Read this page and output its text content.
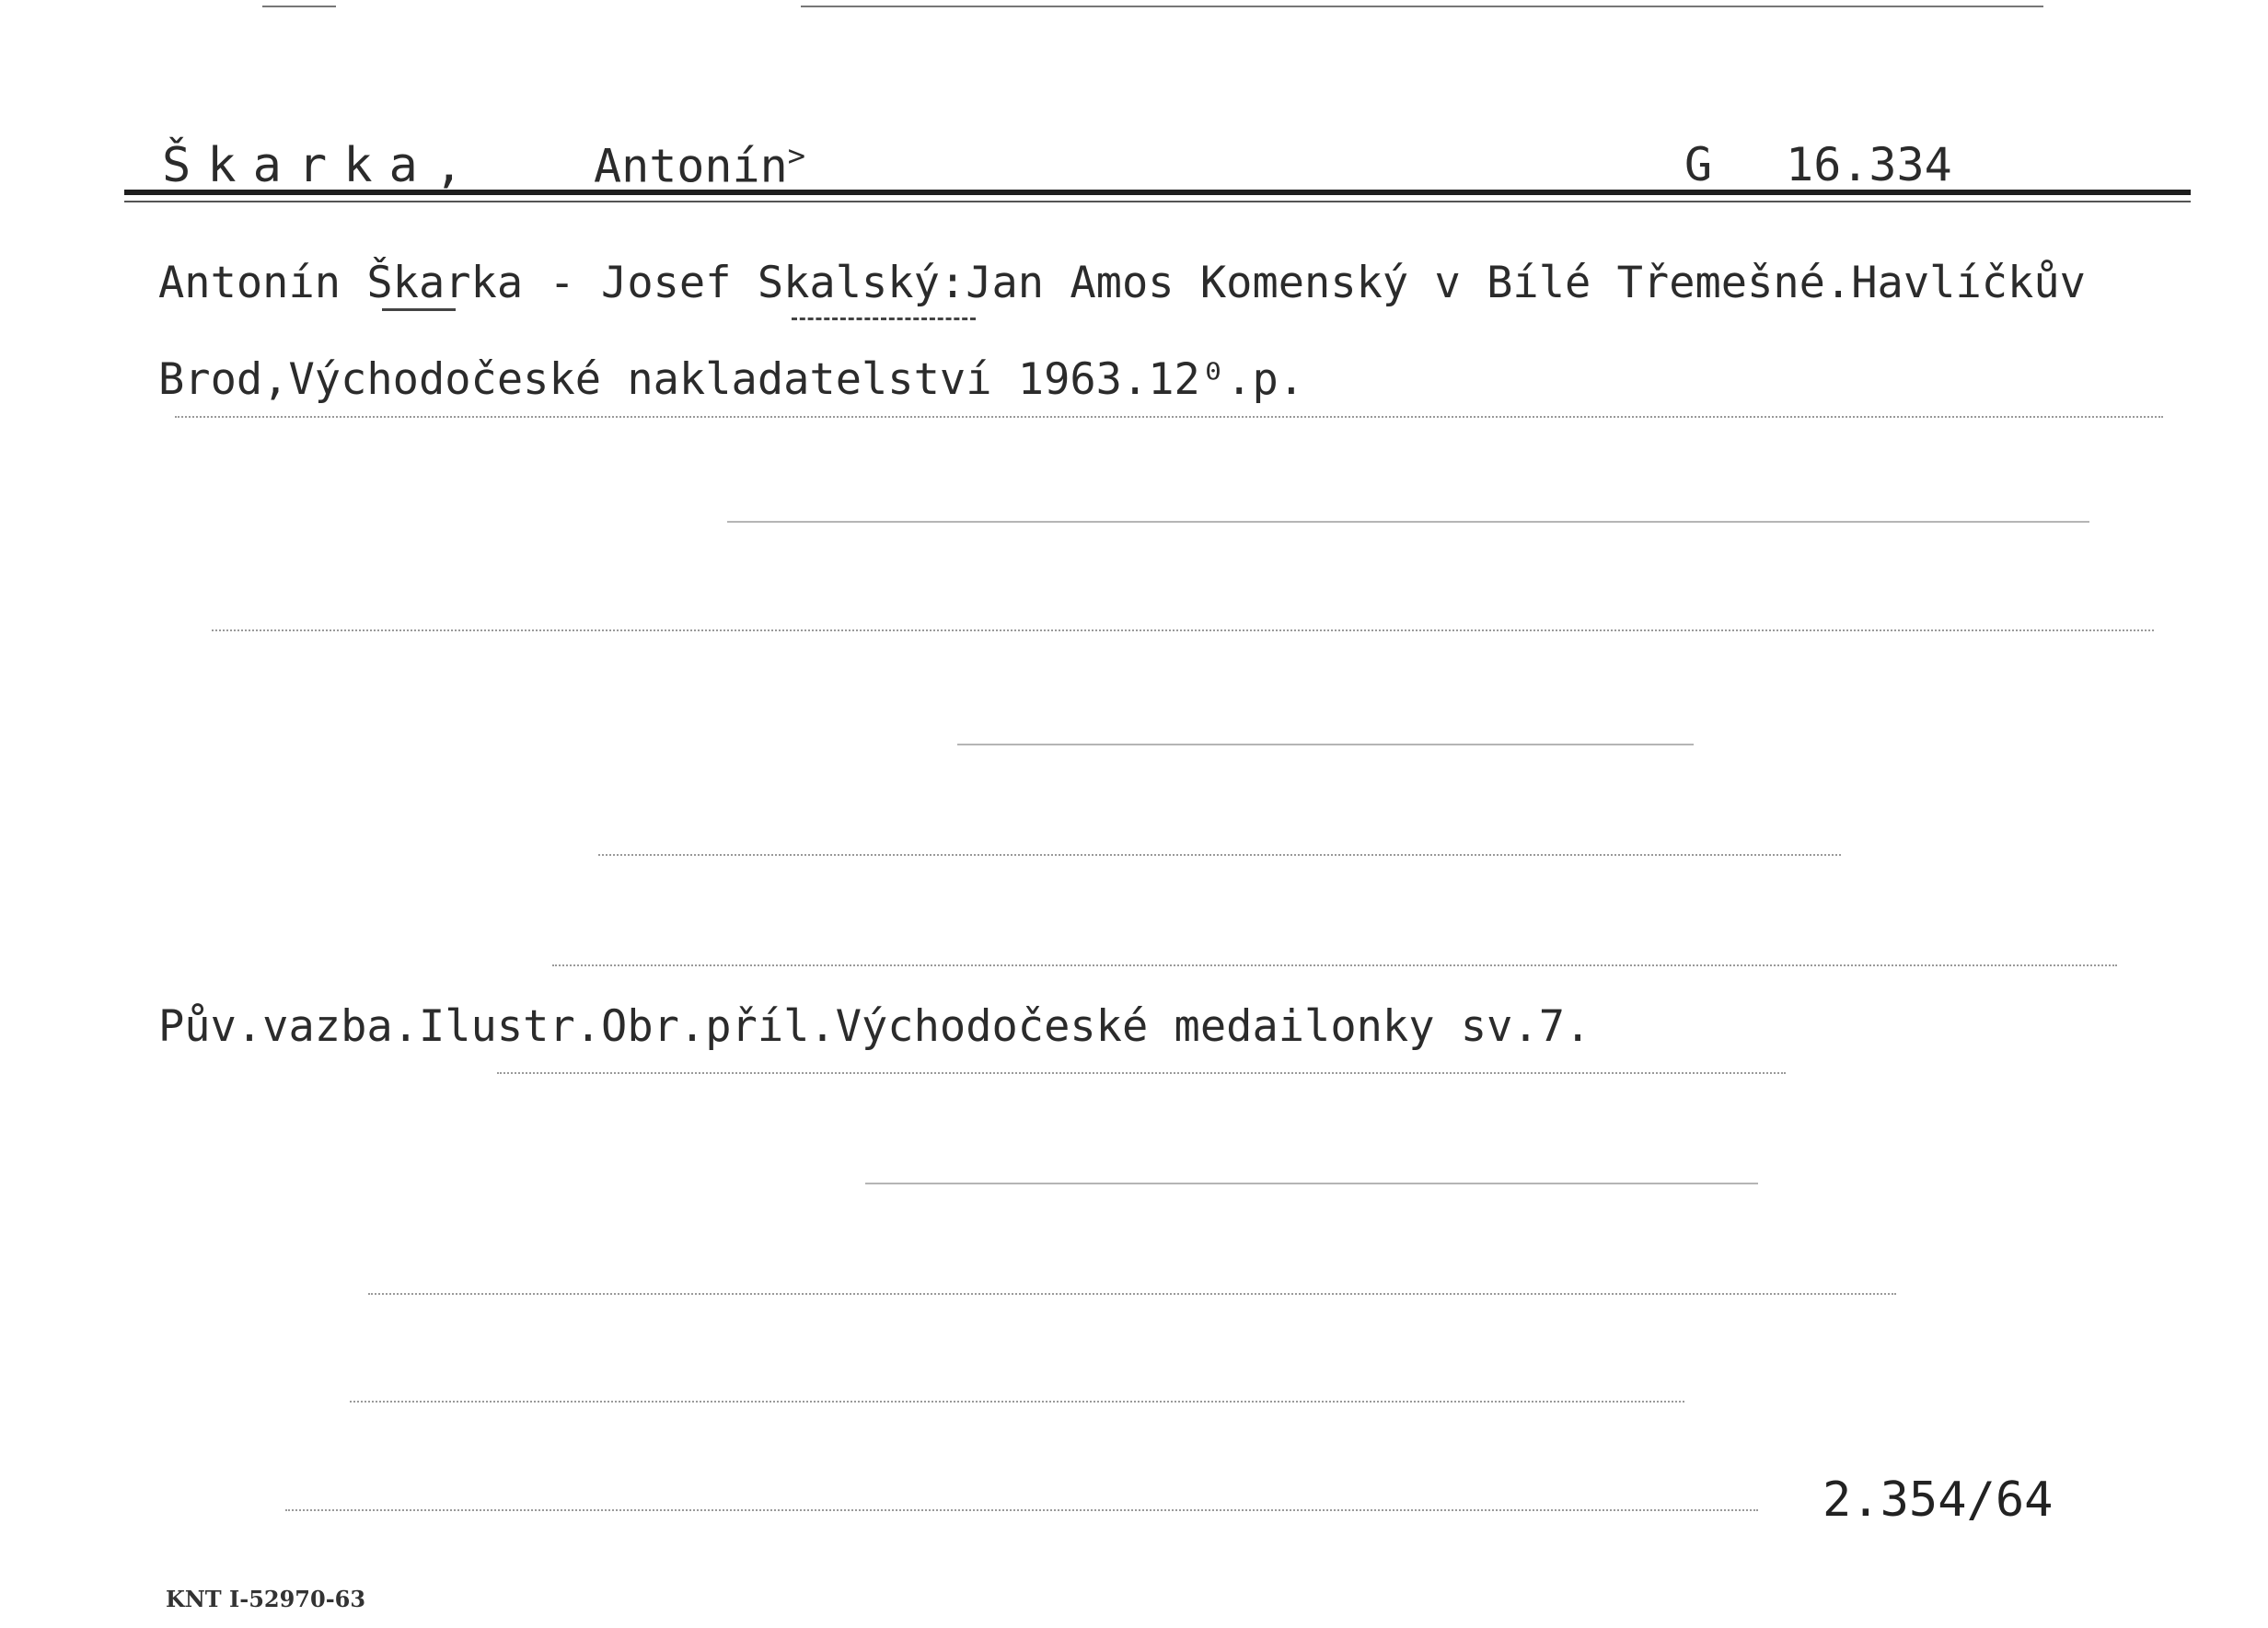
Škarka, Antonín>	G 16.334
Antonín Škarka - Josef Skalský:Jan Amos Komenský v Bílé Třemešné.Havlíčkův
Brod,Východočeské nakladatelství 1963.12⁰.p.
Pův.vazba.Ilustr.Obr.příl.Východočeské medailonky sv.7.
2.354/64
KNT I-52970-63
